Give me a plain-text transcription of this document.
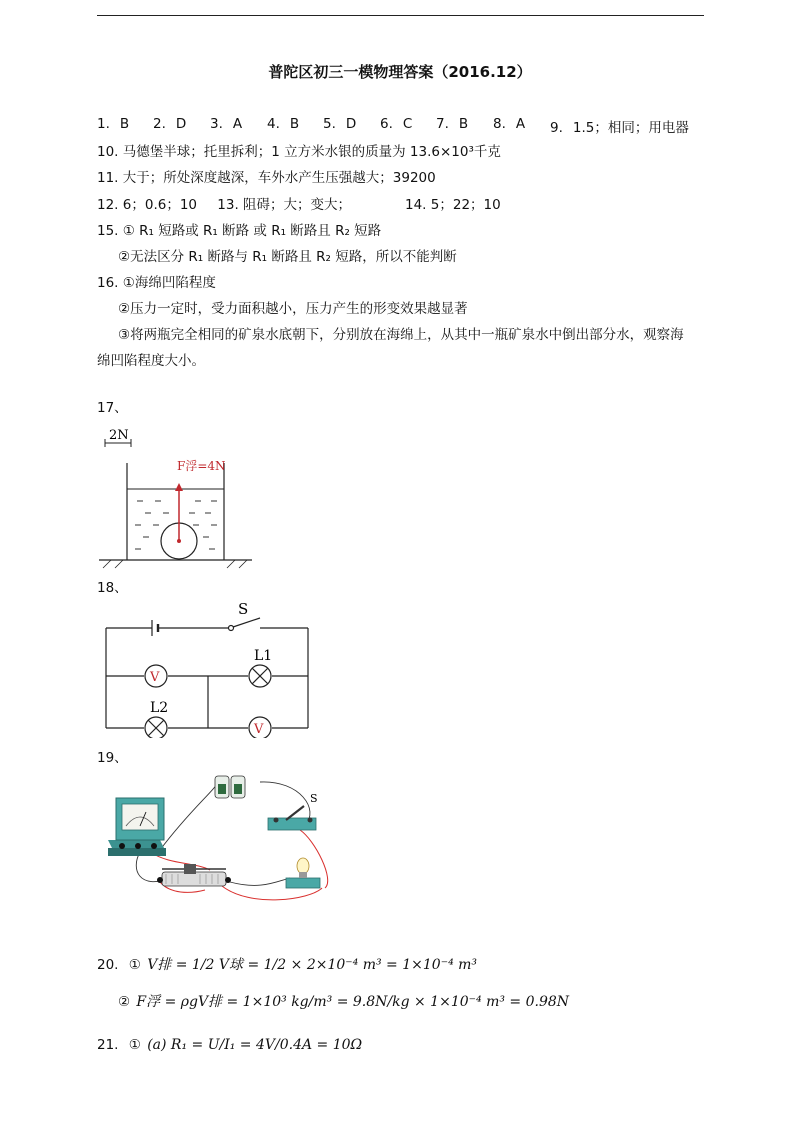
普陀区初三一模物理答案（2016.12）
1. B 2. D 3. A 4. B 5. D 6. C 7. B 8. A 9. 1.5；相同；用电器
10. 马德堡半球；托里拆利；1 立方米水银的质量为 13.6×10³千克
11. 大于；所处深度越深，车外水产生压强越大；39200
12. 6；0.6；10 13. 阻碍；大；变大；	14. 5；22；10
15. ① R₁ 短路或 R₁ 断路 或 R₁ 断路且 R₂ 短路
②无法区分 R₁ 断路与 R₁ 断路且 R₂ 短路，所以不能判断
16. ①海绵凹陷程度
②压力一定时，受力面积越小，压力产生的形变效果越显著
③将两瓶完全相同的矿泉水底朝下，分别放在海绵上，从其中一瓶矿泉水中倒出部分水，观察海
绵凹陷程度大小。
17、
2N
F浮=4N
18、
S
V
L1
L2
V
19、
S
20. ① V排 = 1/2 V球 = 1/2 × 2×10⁻⁴ m³ = 1×10⁻⁴ m³
② F浮 = ρgV排 = 1×10³ kg/m³ = 9.8N/kg × 1×10⁻⁴ m³ = 0.98N
21. ① (a) R₁ = U/I₁ = 4V/0.4A = 10Ω
